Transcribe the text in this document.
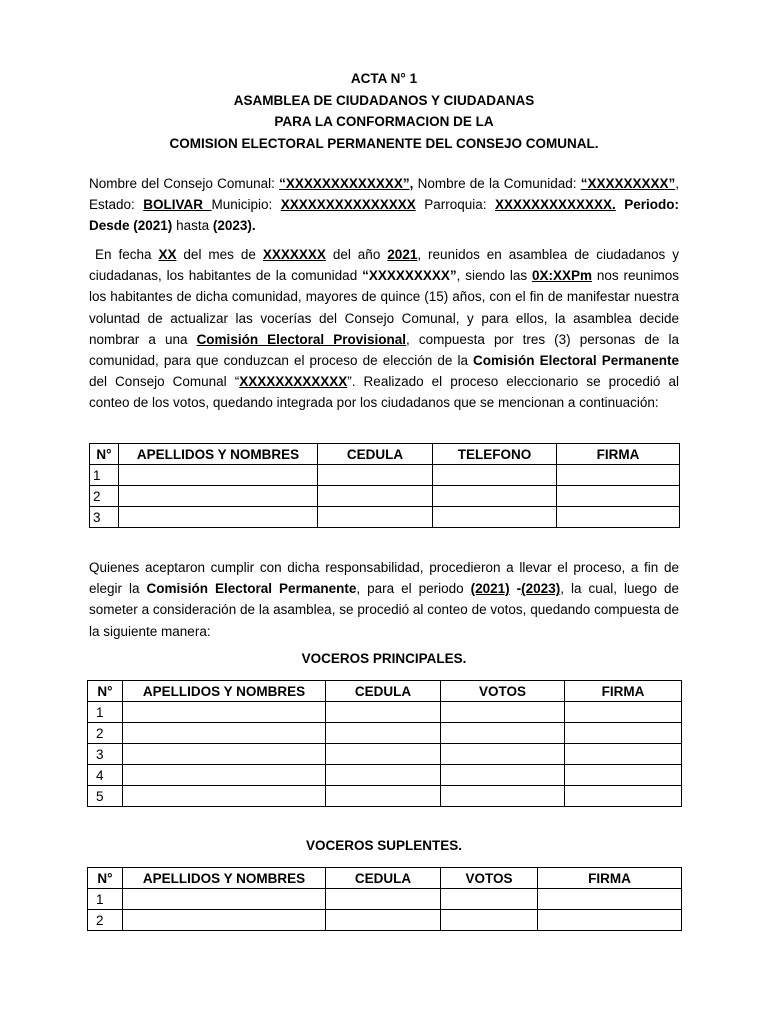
ACTA N° 1
ASAMBLEA DE CIUDADANOS Y CIUDADANAS
PARA LA CONFORMACION DE LA
COMISION ELECTORAL PERMANENTE DEL CONSEJO COMUNAL.
Nombre del Consejo Comunal: “XXXXXXXXXXXXX”, Nombre de la Comunidad: “XXXXXXXXX”, Estado: BOLIVAR Municipio: XXXXXXXXXXXXXXX Parroquia: XXXXXXXXXXXXX. Periodo: Desde (2021) hasta (2023).
En fecha XX del mes de XXXXXXX del año 2021, reunidos en asamblea de ciudadanos y ciudadanas, los habitantes de la comunidad “XXXXXXXXX”, siendo las 0X:XXPm nos reunimos los habitantes de dicha comunidad, mayores de quince (15) años, con el fin de manifestar nuestra voluntad de actualizar las vocerías del Consejo Comunal, y para ellos, la asamblea decide nombrar a una Comisión Electoral Provisional, compuesta por tres (3) personas de la comunidad, para que conduzcan el proceso de elección de la Comisión Electoral Permanente del Consejo Comunal “XXXXXXXXXXXX”. Realizado el proceso eleccionario se procedió al conteo de los votos, quedando integrada por los ciudadanos que se mencionan a continuación:
N°	APELLIDOS Y NOMBRES	CEDULA	TELEFONO	FIRMA
1				
2				
3				
Quienes aceptaron cumplir con dicha responsabilidad, procedieron a llevar el proceso, a fin de elegir la Comisión Electoral Permanente, para el periodo (2021) -(2023), la cual, luego de someter a consideración de la asamblea, se procedió al conteo de votos, quedando compuesta de la siguiente manera:
VOCEROS PRINCIPALES.
N°	APELLIDOS Y NOMBRES	CEDULA	VOTOS	FIRMA
1				
2				
3				
4				
5				
VOCEROS SUPLENTES.
N°	APELLIDOS Y NOMBRES	CEDULA	VOTOS	FIRMA
1				
2				
